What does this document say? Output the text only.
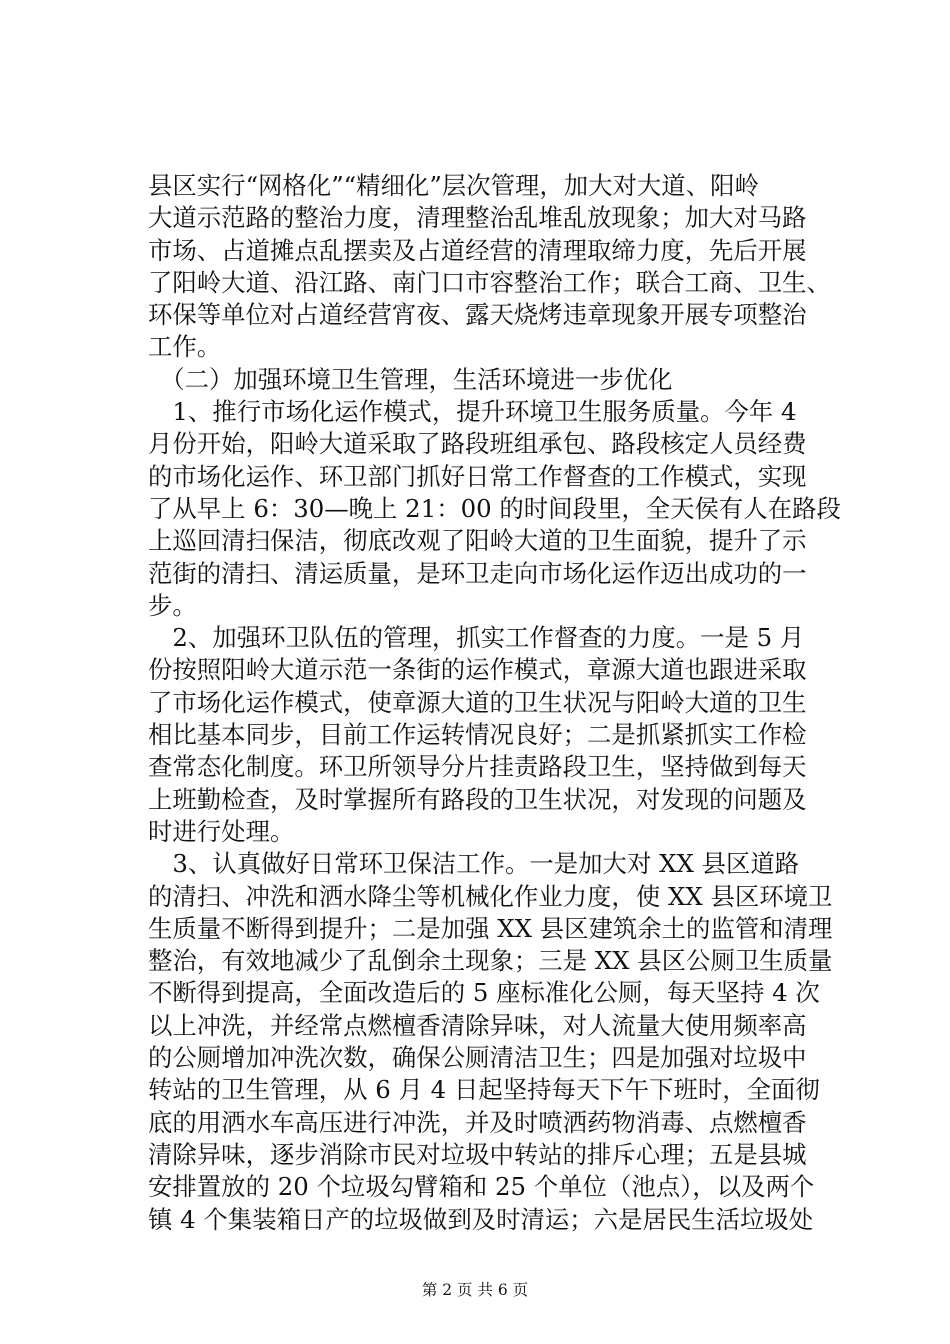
县区实行“网格化”“精细化”层次管理，加大对大道、阳岭
大道示范路的整治力度，清理整治乱堆乱放现象；加大对马路
市场、占道摊点乱摆卖及占道经营的清理取缔力度，先后开展
了阳岭大道、沿江路、南门口市容整治工作；联合工商、卫生、
环保等单位对占道经营宵夜、露天烧烤违章现象开展专项整治
工作。
　（二）加强环境卫生管理，生活环境进一步优化
　1、推行市场化运作模式，提升环境卫生服务质量。今年 4
月份开始，阳岭大道采取了路段班组承包、路段核定人员经费
的市场化运作、环卫部门抓好日常工作督查的工作模式，实现
了从早上 6：30—晚上 21：00 的时间段里，全天侯有人在路段
上巡回清扫保洁，彻底改观了阳岭大道的卫生面貌，提升了示
范街的清扫、清运质量，是环卫走向市场化运作迈出成功的一
步。
　2、加强环卫队伍的管理，抓实工作督查的力度。一是 5 月
份按照阳岭大道示范一条街的运作模式，章源大道也跟进采取
了市场化运作模式，使章源大道的卫生状况与阳岭大道的卫生
相比基本同步，目前工作运转情况良好；二是抓紧抓实工作检
查常态化制度。环卫所领导分片挂责路段卫生，坚持做到每天
上班勤检查，及时掌握所有路段的卫生状况，对发现的问题及
时进行处理。
　3、认真做好日常环卫保洁工作。一是加大对 XX 县区道路
的清扫、冲洗和洒水降尘等机械化作业力度，使 XX 县区环境卫
生质量不断得到提升；二是加强 XX 县区建筑余土的监管和清理
整治，有效地减少了乱倒余土现象；三是 XX 县区公厕卫生质量
不断得到提高，全面改造后的 5 座标准化公厕，每天坚持 4 次
以上冲洗，并经常点燃檀香清除异味，对人流量大使用频率高
的公厕增加冲洗次数，确保公厕清洁卫生；四是加强对垃圾中
转站的卫生管理，从 6 月 4 日起坚持每天下午下班时，全面彻
底的用洒水车高压进行冲洗，并及时喷洒药物消毒、点燃檀香
清除异味，逐步消除市民对垃圾中转站的排斥心理；五是县城
安排置放的 20 个垃圾勾臂箱和 25 个单位（池点），以及两个
镇 4 个集装箱日产的垃圾做到及时清运；六是居民生活垃圾处
第 2 页 共 6 页
